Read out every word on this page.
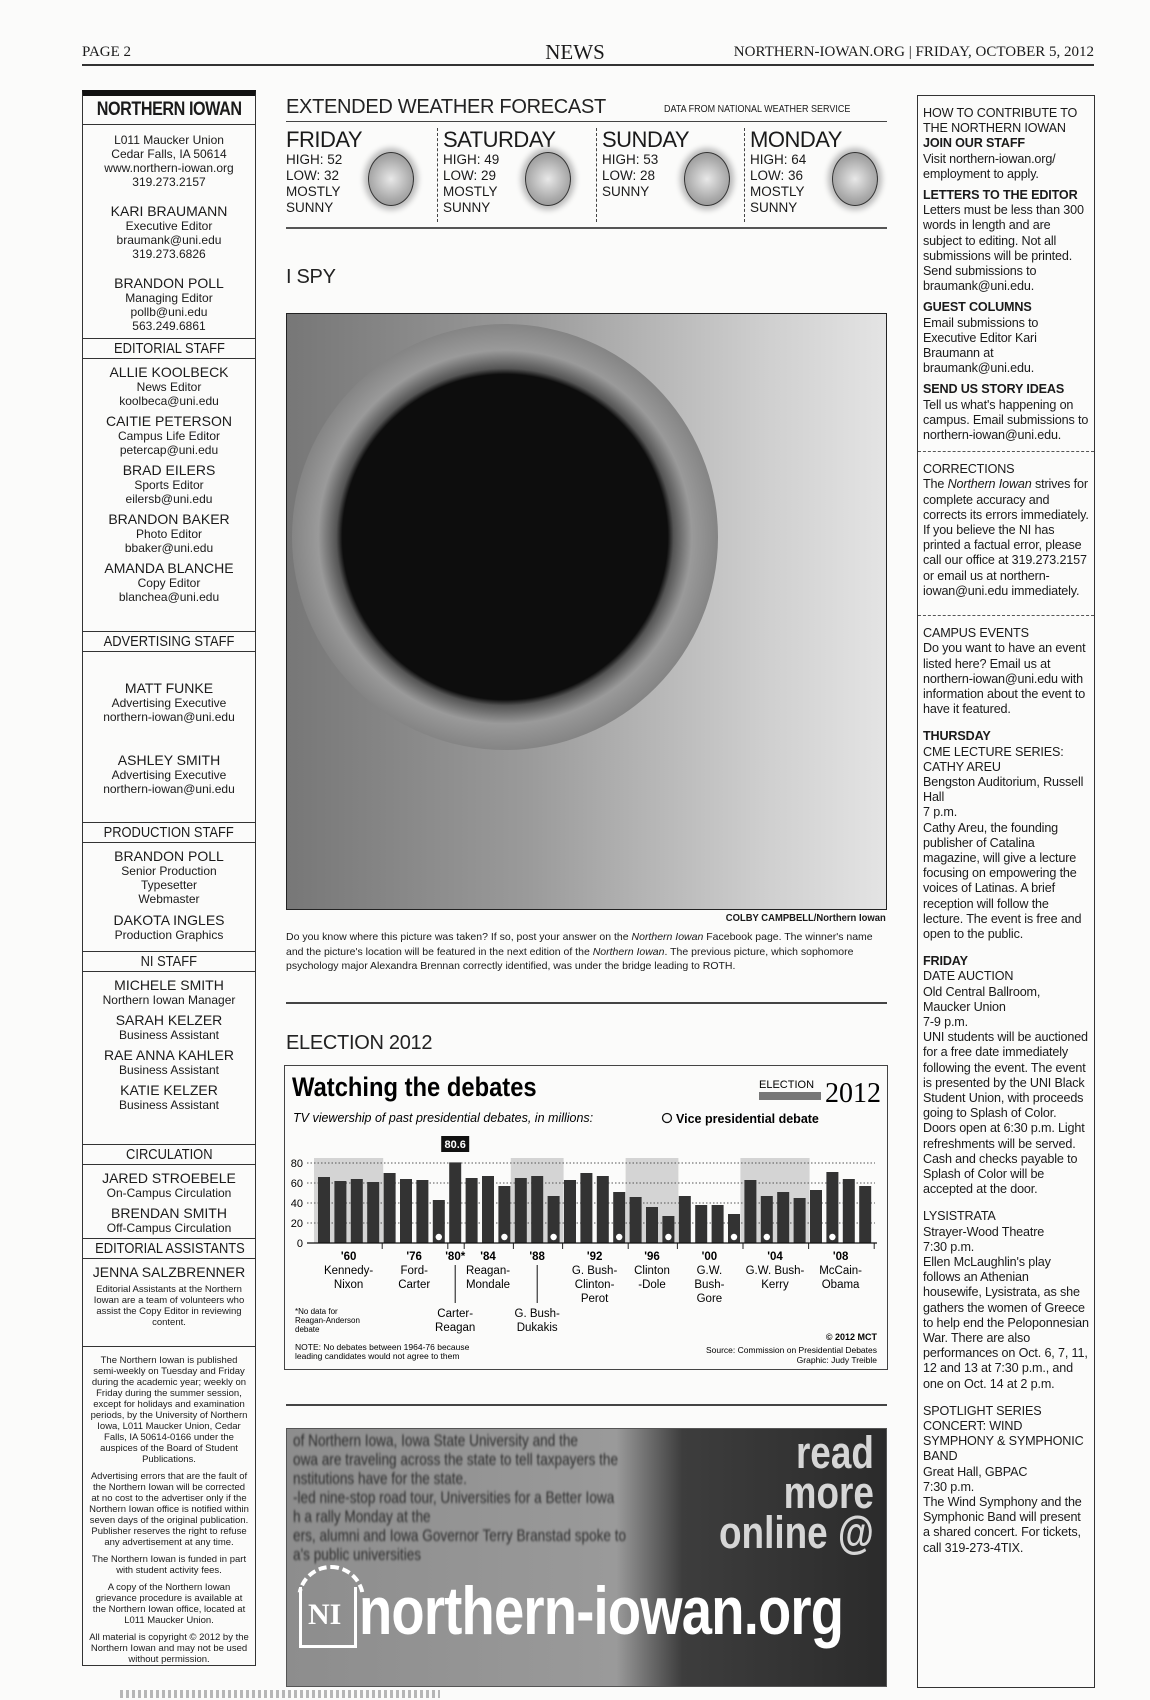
PAGE 2	NEWS	NORTHERN-IOWAN.ORG | FRIDAY, OCTOBER 5, 2012
NORTHERN IOWAN
L011 Maucker Union
Cedar Falls, IA 50614
www.northern-iowan.org
319.273.2157
KARI BRAUMANN
Executive Editor
braumank@uni.edu
319.273.6826
BRANDON POLL
Managing Editor
pollb@uni.edu
563.249.6861
EDITORIAL STAFF
ALLIE KOOLBECK
News Editor
koolbeca@uni.edu
CAITIE PETERSON
Campus Life Editor
petercap@uni.edu
BRAD EILERS
Sports Editor
eilersb@uni.edu
BRANDON BAKER
Photo Editor
bbaker@uni.edu
AMANDA BLANCHE
Copy Editor
blanchea@uni.edu
ADVERTISING STAFF
MATT FUNKE
Advertising Executive
northern-iowan@uni.edu
ASHLEY SMITH
Advertising Executive
northern-iowan@uni.edu
PRODUCTION STAFF
BRANDON POLL
Senior Production
Typesetter
Webmaster
DAKOTA INGLES
Production Graphics
NI STAFF
MICHELE SMITH
Northern Iowan Manager
SARAH KELZER
Business Assistant
RAE ANNA KAHLER
Business Assistant
KATIE KELZER
Business Assistant
CIRCULATION
JARED STROEBELE
On-Campus Circulation
BRENDAN SMITH
Off-Campus Circulation
EDITORIAL ASSISTANTS
JENNA SALZBRENNER
Editorial Assistants at the Northern Iowan are a team of volunteers who assist the Copy Editor in reviewing content.

The Northern Iowan is published semi-weekly on Tuesday and Friday during the academic year; weekly on Friday during the summer session, except for holidays and examination periods, by the University of Northern Iowa, L011 Maucker Union, Cedar Falls, IA 50614-0166 under the auspices of the Board of Student Publications.

Advertising errors that are the fault of the Northern Iowan will be corrected at no cost to the advertiser only if the Northern Iowan office is notified within seven days of the original publication. Publisher reserves the right to refuse any advertisement at any time.

The Northern Iowan is funded in part with student activity fees.

A copy of the Northern Iowan grievance procedure is available at the Northern Iowan office, located at L011 Maucker Union.

All material is copyright © 2012 by the Northern Iowan and may not be used without permission.

EXTENDED WEATHER FORECAST	DATA FROM NATIONAL WEATHER SERVICE
FRIDAY
HIGH: 52
LOW: 32
MOSTLY
SUNNY
SATURDAY
HIGH: 49
LOW: 29
MOSTLY
SUNNY
SUNDAY
HIGH: 53
LOW: 28
SUNNY
MONDAY
HIGH: 64
LOW: 36
MOSTLY
SUNNY
I SPY
COLBY CAMPBELL/Northern Iowan
Do you know where this picture was taken? If so, post your answer on the Northern Iowan Facebook page. The winner's name and the picture's location will be featured in the next edition of the Northern Iowan. The previous picture, which sophomore psychology major Alexandra Brennan correctly identified, was under the bridge leading to ROTH.
ELECTION 2012
Watching the debates
TV viewership of past presidential debates, in millions:	Vice presidential debate
ELECTION 2012
0
20
40
60
80
80.6
'60
Kennedy-
Nixon
'76
Ford-
Carter
'80*
Carter-
Reagan
'84
Reagan-
Mondale
'88
G. Bush-
Dukakis
'92
G. Bush-
Clinton-
Perot
'96
Clinton
-Dole
'00
G.W.
Bush-
Gore
'04
G.W. Bush-
Kerry
'08
McCain-
Obama
*No data for
Reagan-Anderson
debate
NOTE: No debates between 1964-76 because
leading candidates would not agree to them
© 2012 MCT
Source: Commission on Presidential Debates
Graphic: Judy Treible
of Northern Iowa, Iowa State University and the
owa are traveling across the state to tell taxpayers the
nstitutions have for the state.
-led nine-stop road tour, Universities for a Better Iowa
h a rally Monday at the
ers, alumni and Iowa Governor Terry Branstad spoke to
a's public universities
read
more
online @
NI northern-iowan.org
HOW TO CONTRIBUTE TO THE NORTHERN IOWAN

JOIN OUR STAFF
Visit northern-iowan.org/ employment to apply.

LETTERS TO THE EDITOR
Letters must be less than 300 words in length and are subject to editing. Not all submissions will be printed. Send submissions to braumank@uni.edu.

GUEST COLUMNS
Email submissions to Executive Editor Kari Braumann at braumank@uni.edu.

SEND US STORY IDEAS
Tell us what's happening on campus. Email submissions to northern-iowan@uni.edu.

CORRECTIONS

The Northern Iowan strives for complete accuracy and corrects its errors immediately. If you believe the NI has printed a factual error, please call our office at 319.273.2157 or email us at northern-iowan@uni.edu immediately.

CAMPUS EVENTS

Do you want to have an event listed here? Email us at northern-iowan@uni.edu with information about the event to have it featured.

THURSDAY

CME LECTURE SERIES: CATHY AREU
Bengston Auditorium, Russell Hall
7 p.m.
Cathy Areu, the founding publisher of Catalina magazine, will give a lecture focusing on empowering the voices of Latinas. A brief reception will follow the lecture. The event is free and open to the public.

FRIDAY

DATE AUCTION
Old Central Ballroom, Maucker Union
7-9 p.m.
UNI students will be auctioned for a free date immediately following the event. The event is presented by the UNI Black Student Union, with proceeds going to Splash of Color. Doors open at 6:30 p.m. Light refreshments will be served. Cash and checks payable to Splash of Color will be accepted at the door.

LYSISTRATA
Strayer-Wood Theatre
7:30 p.m.
Ellen McLaughlin's play follows an Athenian housewife, Lysistrata, as she gathers the women of Greece to help end the Peloponnesian War. There are also performances on Oct. 6, 7, 11, 12 and 13 at 7:30 p.m., and one on Oct. 14 at 2 p.m.

SPOTLIGHT SERIES CONCERT: WIND SYMPHONY & SYMPHONIC BAND
Great Hall, GBPAC
7:30 p.m.
The Wind Symphony and the Symphonic Band will present a shared concert. For tickets, call 319-273-4TIX.
